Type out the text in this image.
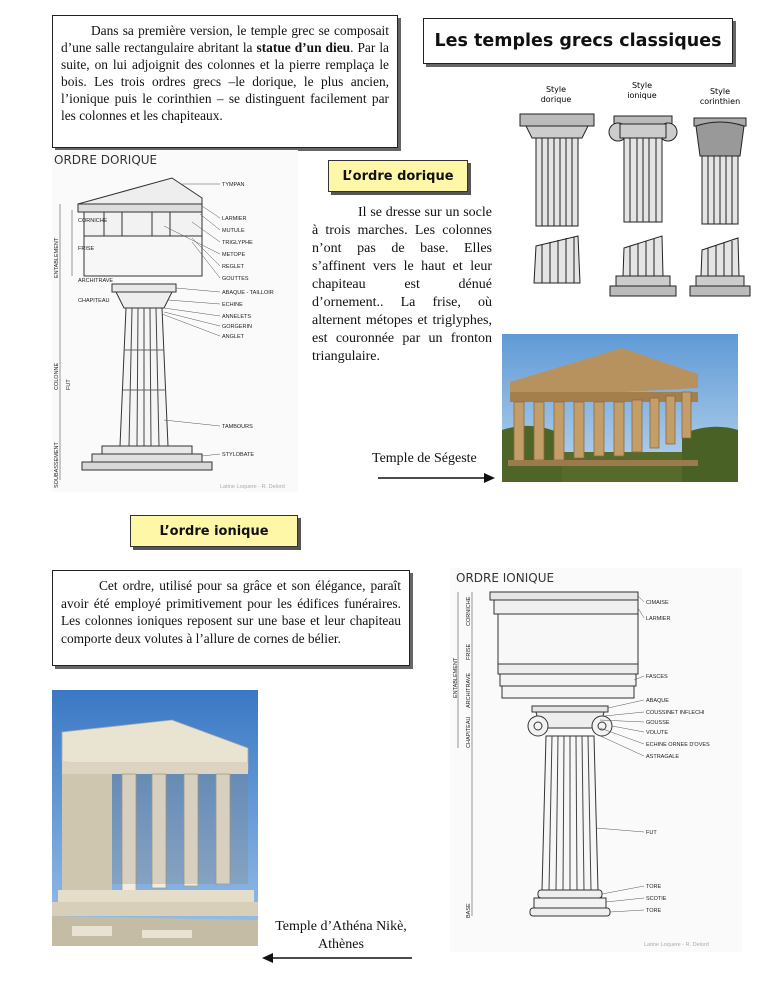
Dans sa première version, le temple grec se composait d’une salle rectangulaire abritant la statue d’un dieu. Par la suite, on lui adjoignit des colonnes et la pierre remplaça le bois. Les trois ordres grecs –le dorique, le plus ancien, l’ionique puis le corinthien – se distinguent facilement par les colonnes et les chapiteaux.
Les temples grecs classiques
Style
dorique
Style
ionique	Style
corinthien
ORDRE DORIQUE
ENTABLEMENT
COLONNE FUT
SOUBASSEMENT
CORNICHE
FRISE
ARCHITRAVE
CHAPITEAU
TYMPAN
LARMIER
MUTULE
TRIGLYPHE
METOPE
REGLET
GOUTTES
ABAQUE - TAILLOIR
ECHINE
ANNELETS
GORGERIN
ANGLET
TAMBOURS
STYLOBATE
Latine Loquere - R. Delord
L’ordre dorique
Il se dresse sur un socle à trois marches. Les colonnes n’ont pas de base. Elles s’affinent vers le haut et leur chapiteau est dénué d’ornement.. La frise, où alternent métopes et triglyphes, est couronnée par un fronton triangulaire.
Temple de Ségeste
L’ordre ionique
Cet ordre, utilisé pour sa grâce et son élégance, paraît avoir été employé primitivement pour les édifices funéraires. Les colonnes ioniques reposent sur une base et leur chapiteau comporte deux volutes à l’allure de cornes de bélier.
Temple d’Athéna Nikè,
Athènes
ORDRE IONIQUE
CORNICHE
ENTABLEMENT
FRISE
ARCHITRAVE
CHAPITEAU
BASE
CIMAISE
LARMIER
FASCES
ABAQUE
COUSSINET INFLECHI
GOUSSE
VOLUTE
ECHINE ORNEE D'OVES
ASTRAGALE
FUT
TORE
SCOTIE
TORE
Latine Loquere - R. Delord
